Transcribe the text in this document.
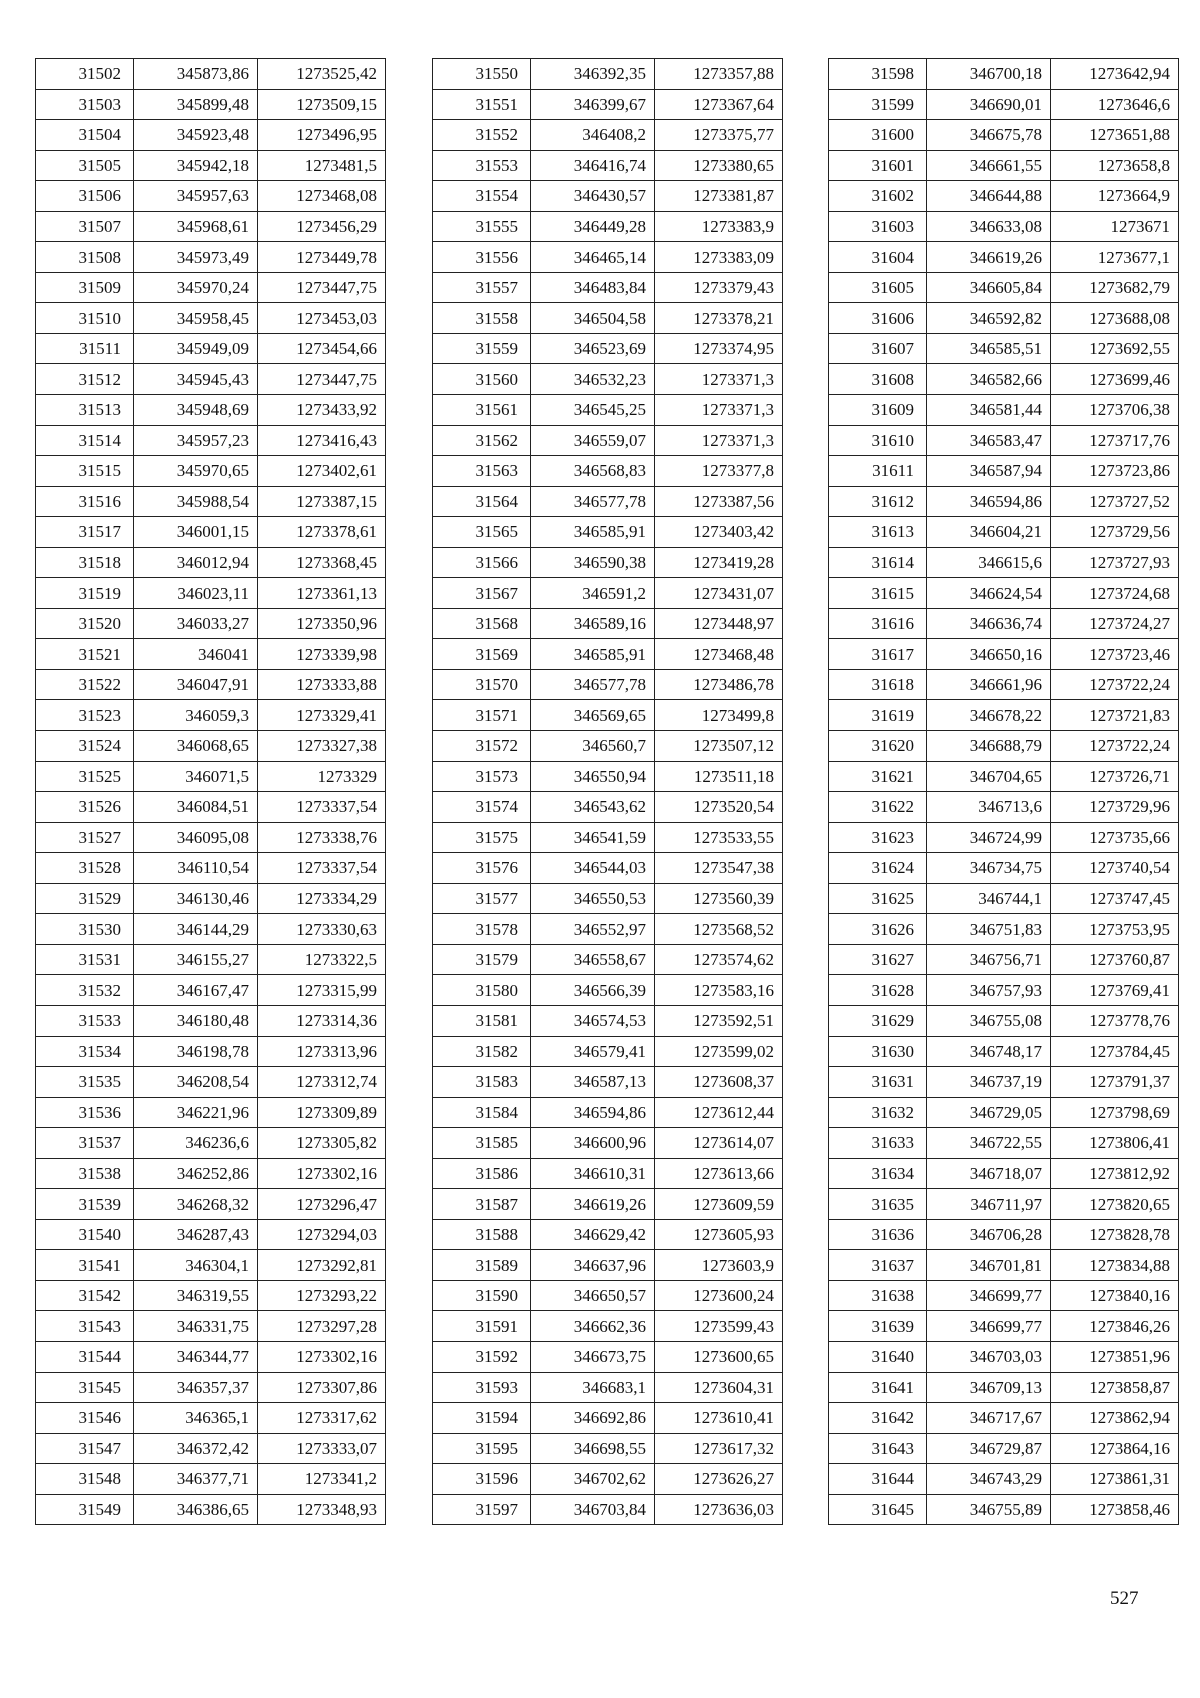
31502	345873,86	1273525,42
31503	345899,48	1273509,15
31504	345923,48	1273496,95
31505	345942,18	1273481,5
31506	345957,63	1273468,08
31507	345968,61	1273456,29
31508	345973,49	1273449,78
31509	345970,24	1273447,75
31510	345958,45	1273453,03
31511	345949,09	1273454,66
31512	345945,43	1273447,75
31513	345948,69	1273433,92
31514	345957,23	1273416,43
31515	345970,65	1273402,61
31516	345988,54	1273387,15
31517	346001,15	1273378,61
31518	346012,94	1273368,45
31519	346023,11	1273361,13
31520	346033,27	1273350,96
31521	346041	1273339,98
31522	346047,91	1273333,88
31523	346059,3	1273329,41
31524	346068,65	1273327,38
31525	346071,5	1273329
31526	346084,51	1273337,54
31527	346095,08	1273338,76
31528	346110,54	1273337,54
31529	346130,46	1273334,29
31530	346144,29	1273330,63
31531	346155,27	1273322,5
31532	346167,47	1273315,99
31533	346180,48	1273314,36
31534	346198,78	1273313,96
31535	346208,54	1273312,74
31536	346221,96	1273309,89
31537	346236,6	1273305,82
31538	346252,86	1273302,16
31539	346268,32	1273296,47
31540	346287,43	1273294,03
31541	346304,1	1273292,81
31542	346319,55	1273293,22
31543	346331,75	1273297,28
31544	346344,77	1273302,16
31545	346357,37	1273307,86
31546	346365,1	1273317,62
31547	346372,42	1273333,07
31548	346377,71	1273341,2
31549	346386,65	1273348,93
31550	346392,35	1273357,88
31551	346399,67	1273367,64
31552	346408,2	1273375,77
31553	346416,74	1273380,65
31554	346430,57	1273381,87
31555	346449,28	1273383,9
31556	346465,14	1273383,09
31557	346483,84	1273379,43
31558	346504,58	1273378,21
31559	346523,69	1273374,95
31560	346532,23	1273371,3
31561	346545,25	1273371,3
31562	346559,07	1273371,3
31563	346568,83	1273377,8
31564	346577,78	1273387,56
31565	346585,91	1273403,42
31566	346590,38	1273419,28
31567	346591,2	1273431,07
31568	346589,16	1273448,97
31569	346585,91	1273468,48
31570	346577,78	1273486,78
31571	346569,65	1273499,8
31572	346560,7	1273507,12
31573	346550,94	1273511,18
31574	346543,62	1273520,54
31575	346541,59	1273533,55
31576	346544,03	1273547,38
31577	346550,53	1273560,39
31578	346552,97	1273568,52
31579	346558,67	1273574,62
31580	346566,39	1273583,16
31581	346574,53	1273592,51
31582	346579,41	1273599,02
31583	346587,13	1273608,37
31584	346594,86	1273612,44
31585	346600,96	1273614,07
31586	346610,31	1273613,66
31587	346619,26	1273609,59
31588	346629,42	1273605,93
31589	346637,96	1273603,9
31590	346650,57	1273600,24
31591	346662,36	1273599,43
31592	346673,75	1273600,65
31593	346683,1	1273604,31
31594	346692,86	1273610,41
31595	346698,55	1273617,32
31596	346702,62	1273626,27
31597	346703,84	1273636,03
31598	346700,18	1273642,94
31599	346690,01	1273646,6
31600	346675,78	1273651,88
31601	346661,55	1273658,8
31602	346644,88	1273664,9
31603	346633,08	1273671
31604	346619,26	1273677,1
31605	346605,84	1273682,79
31606	346592,82	1273688,08
31607	346585,51	1273692,55
31608	346582,66	1273699,46
31609	346581,44	1273706,38
31610	346583,47	1273717,76
31611	346587,94	1273723,86
31612	346594,86	1273727,52
31613	346604,21	1273729,56
31614	346615,6	1273727,93
31615	346624,54	1273724,68
31616	346636,74	1273724,27
31617	346650,16	1273723,46
31618	346661,96	1273722,24
31619	346678,22	1273721,83
31620	346688,79	1273722,24
31621	346704,65	1273726,71
31622	346713,6	1273729,96
31623	346724,99	1273735,66
31624	346734,75	1273740,54
31625	346744,1	1273747,45
31626	346751,83	1273753,95
31627	346756,71	1273760,87
31628	346757,93	1273769,41
31629	346755,08	1273778,76
31630	346748,17	1273784,45
31631	346737,19	1273791,37
31632	346729,05	1273798,69
31633	346722,55	1273806,41
31634	346718,07	1273812,92
31635	346711,97	1273820,65
31636	346706,28	1273828,78
31637	346701,81	1273834,88
31638	346699,77	1273840,16
31639	346699,77	1273846,26
31640	346703,03	1273851,96
31641	346709,13	1273858,87
31642	346717,67	1273862,94
31643	346729,87	1273864,16
31644	346743,29	1273861,31
31645	346755,89	1273858,46
527
